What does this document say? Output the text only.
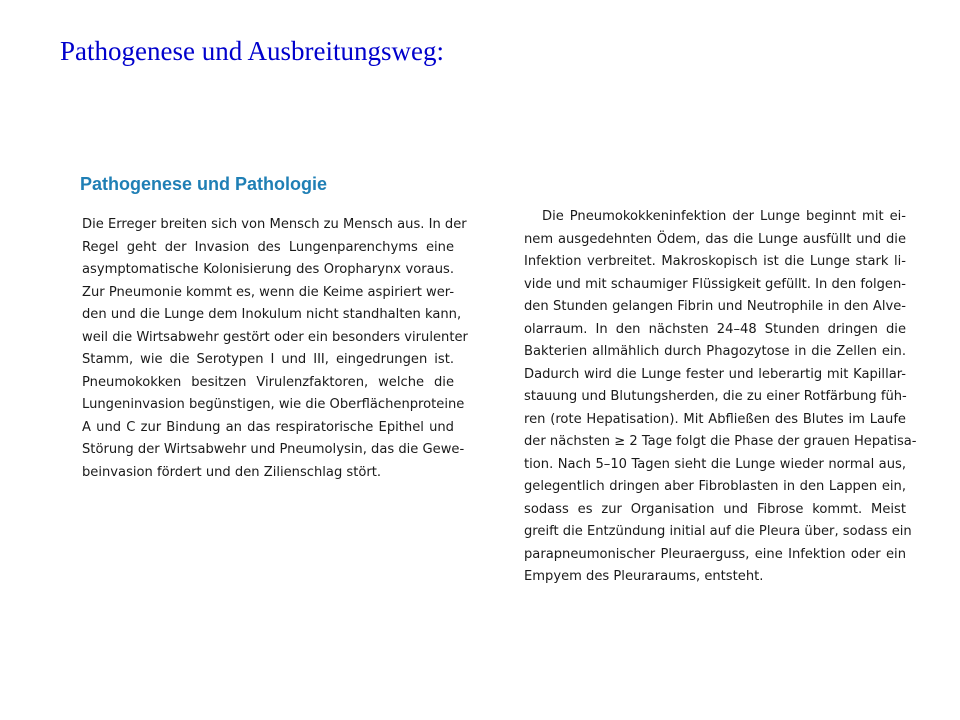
Pathogenese und Ausbreitungsweg:
Pathogenese und Pathologie
Die Erreger breiten sich von Mensch zu Mensch aus. In der
Regel geht der Invasion des Lungenparenchyms eine
asymptomatische Kolonisierung des Oropharynx voraus.
Zur Pneumonie kommt es, wenn die Keime aspiriert wer-
den und die Lunge dem Inokulum nicht standhalten kann,
weil die Wirtsabwehr gestört oder ein besonders virulenter
Stamm, wie die Serotypen I und III, eingedrungen ist.
Pneumokokken besitzen Virulenzfaktoren, welche die
Lungeninvasion begünstigen, wie die Oberflächenproteine
A und C zur Bindung an das respiratorische Epithel und
Störung der Wirtsabwehr und Pneumolysin, das die Gewe-
beinvasion fördert und den Zilienschlag stört.
Die Pneumokokkeninfektion der Lunge beginnt mit ei-
nem ausgedehnten Ödem, das die Lunge ausfüllt und die
Infektion verbreitet. Makroskopisch ist die Lunge stark li-
vide und mit schaumiger Flüssigkeit gefüllt. In den folgen-
den Stunden gelangen Fibrin und Neutrophile in den Alve-
olarraum. In den nächsten 24–48 Stunden dringen die
Bakterien allmählich durch Phagozytose in die Zellen ein.
Dadurch wird die Lunge fester und leberartig mit Kapillar-
stauung und Blutungsherden, die zu einer Rotfärbung füh-
ren (rote Hepatisation). Mit Abfließen des Blutes im Laufe
der nächsten ≥ 2 Tage folgt die Phase der grauen Hepatisa-
tion. Nach 5–10 Tagen sieht die Lunge wieder normal aus,
gelegentlich dringen aber Fibroblasten in den Lappen ein,
sodass es zur Organisation und Fibrose kommt. Meist
greift die Entzündung initial auf die Pleura über, sodass ein
parapneumonischer Pleuraerguss, eine Infektion oder ein
Empyem des Pleuraraums, entsteht.
